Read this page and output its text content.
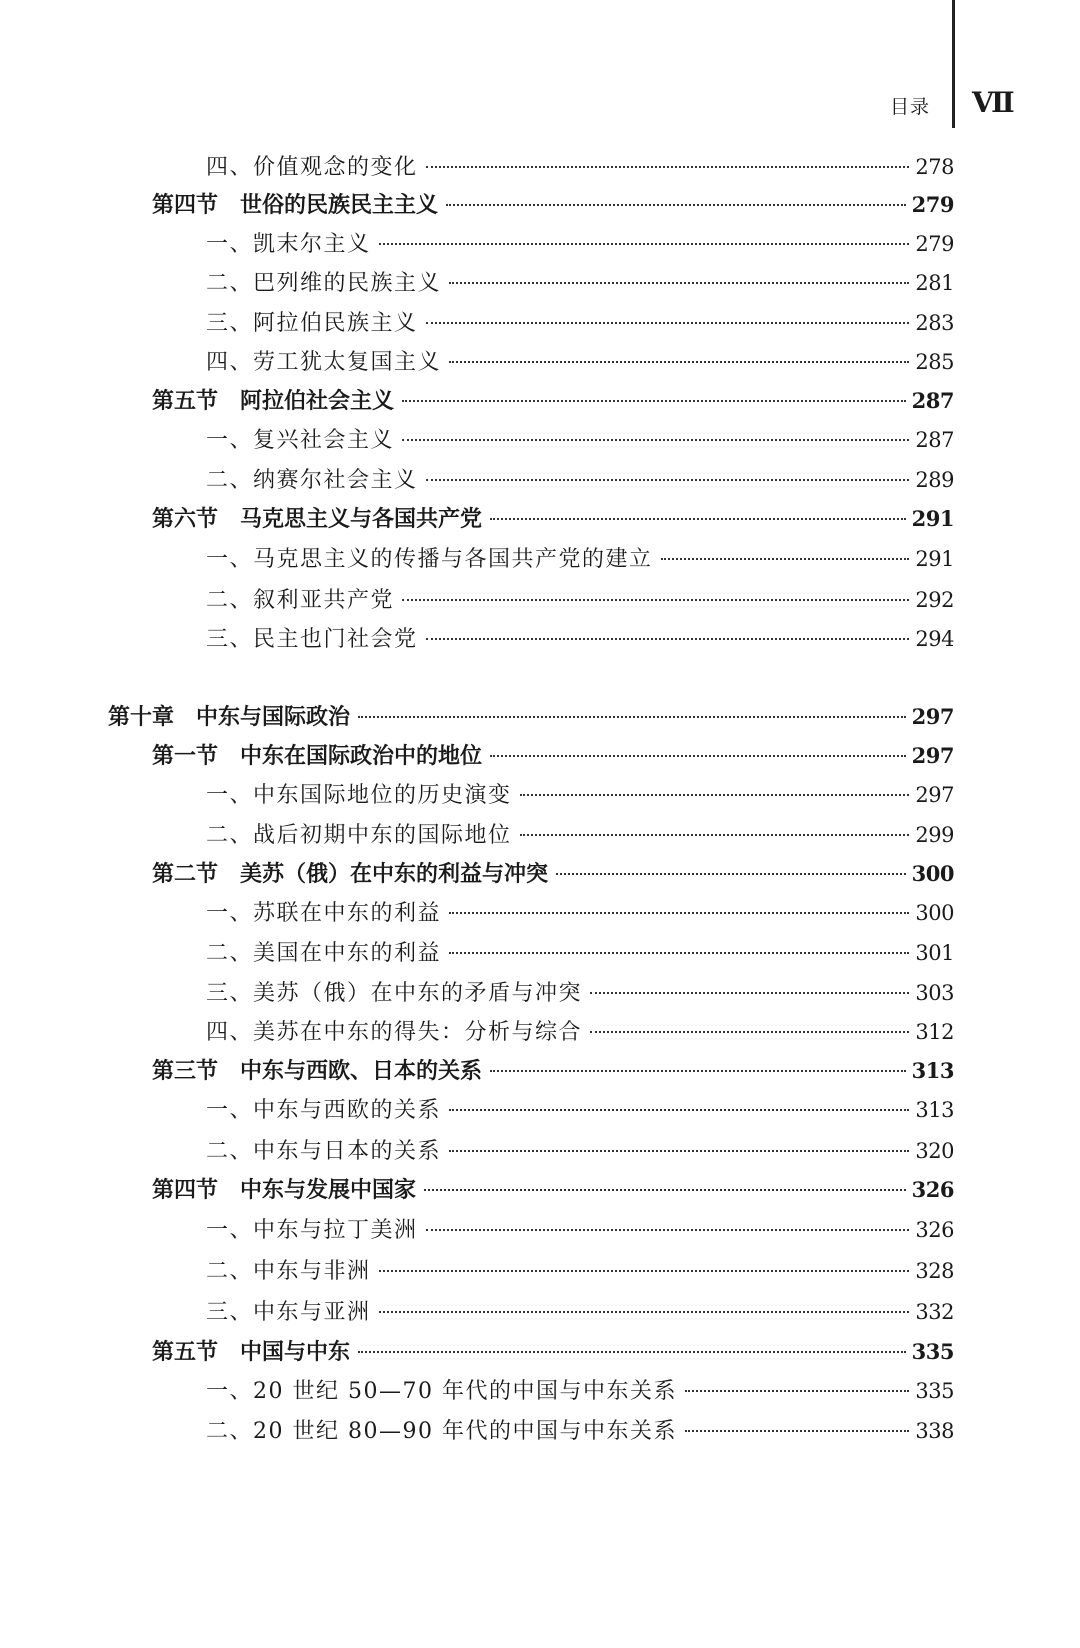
目录 Ⅶ
四、 价值观念的变化	278
第四节 世俗的民族民主主义	279
一、 凯末尔主义	279
二、 巴列维的民族主义	281
三、 阿拉伯民族主义	283
四、 劳工犹太复国主义	285
第五节 阿拉伯社会主义	287
一、 复兴社会主义	287
二、 纳赛尔社会主义	289
第六节 马克思主义与各国共产党	291
一、 马克思主义的传播与各国共产党的建立	291
二、 叙利亚共产党	292
三、 民主也门社会党	294
第十章 中东与国际政治	297
第一节 中东在国际政治中的地位	297
一、 中东国际地位的历史演变	297
二、 战后初期中东的国际地位	299
第二节 美苏（俄）在中东的利益与冲突	300
一、 苏联在中东的利益	300
二、 美国在中东的利益	301
三、 美苏（俄）在中东的矛盾与冲突	303
四、 美苏在中东的得失：分析与综合	312
第三节 中东与西欧、日本的关系	313
一、 中东与西欧的关系	313
二、 中东与日本的关系	320
第四节 中东与发展中国家	326
一、 中东与拉丁美洲	326
二、 中东与非洲	328
三、 中东与亚洲	332
第五节 中国与中东	335
一、 20 世纪 50—70 年代的中国与中东关系	335
二、 20 世纪 80—90 年代的中国与中东关系	338
